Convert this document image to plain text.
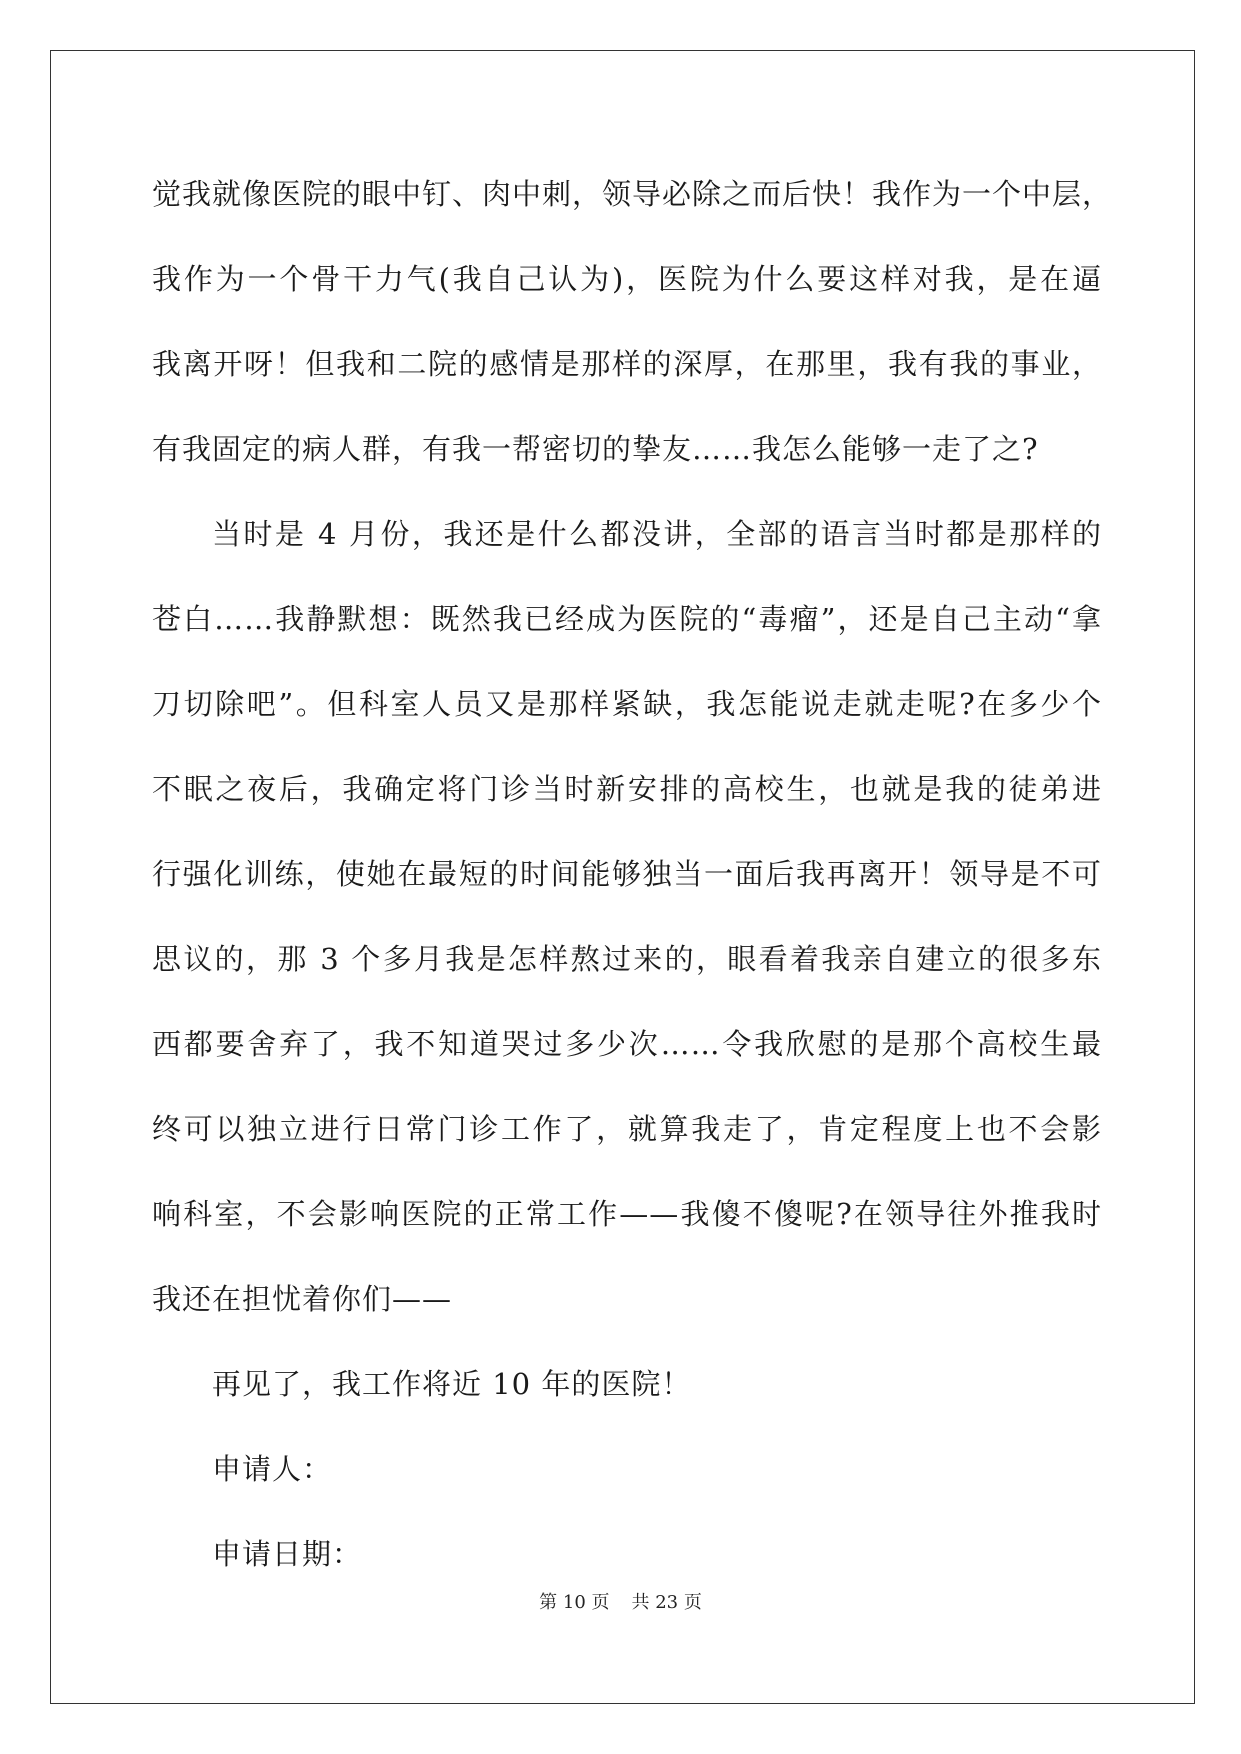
觉我就像医院的眼中钉、肉中刺，领导必除之而后快！我作为一个中层，
我作为一个骨干力气(我自己认为)，医院为什么要这样对我，是在逼
我离开呀！但我和二院的感情是那样的深厚，在那里，我有我的事业，
有我固定的病人群，有我一帮密切的挚友……我怎么能够一走了之?
当时是 4 月份，我还是什么都没讲，全部的语言当时都是那样的
苍白……我静默想：既然我已经成为医院的“毒瘤”，还是自己主动“拿
刀切除吧”。但科室人员又是那样紧缺，我怎能说走就走呢?在多少个
不眠之夜后，我确定将门诊当时新安排的高校生，也就是我的徒弟进
行强化训练，使她在最短的时间能够独当一面后我再离开！领导是不可
思议的，那 3 个多月我是怎样熬过来的，眼看着我亲自建立的很多东
西都要舍弃了，我不知道哭过多少次……令我欣慰的是那个高校生最
终可以独立进行日常门诊工作了，就算我走了，肯定程度上也不会影
响科室，不会影响医院的正常工作——我傻不傻呢?在领导往外推我时
我还在担忧着你们——
再见了，我工作将近 10 年的医院！
申请人：
申请日期：
第 10 页 共 23 页
